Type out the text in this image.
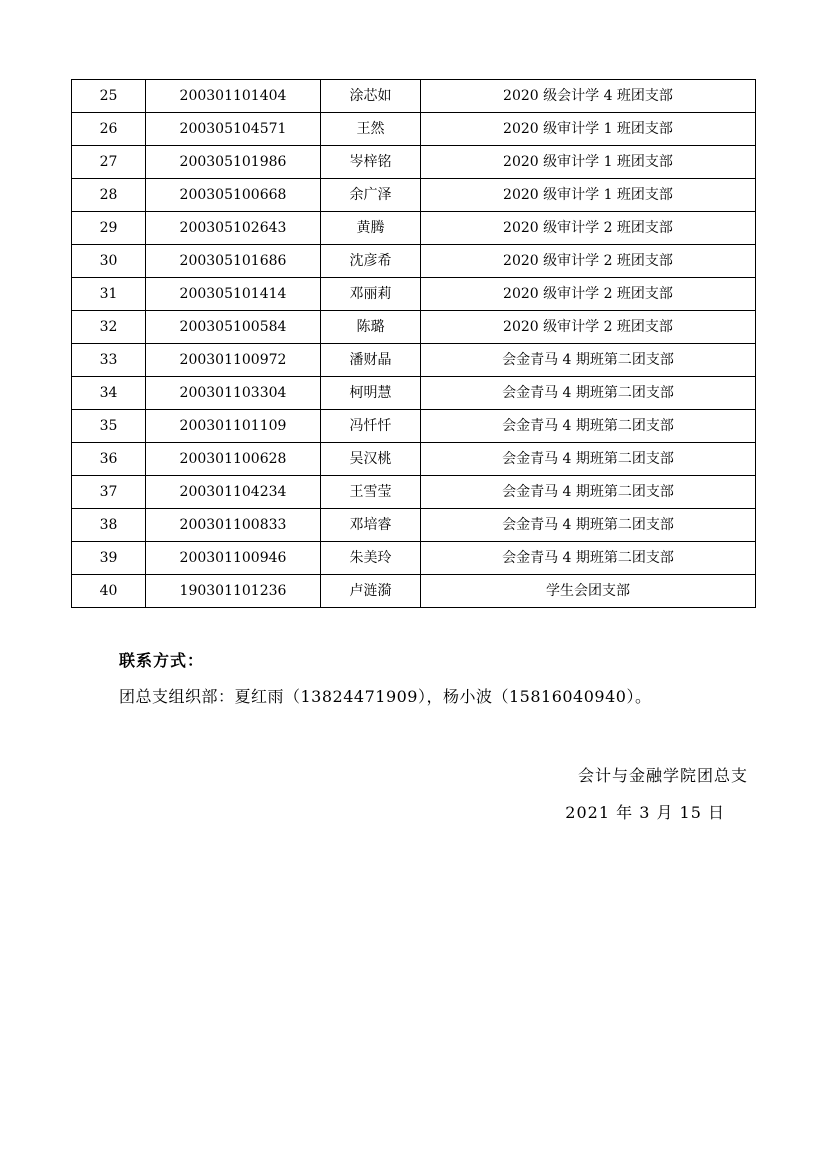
25	200301101404	涂芯如	2020 级会计学 4 班团支部
26	200305104571	王然	2020 级审计学 1 班团支部
27	200305101986	岑梓铭	2020 级审计学 1 班团支部
28	200305100668	余广泽	2020 级审计学 1 班团支部
29	200305102643	黄腾	2020 级审计学 2 班团支部
30	200305101686	沈彦希	2020 级审计学 2 班团支部
31	200305101414	邓丽莉	2020 级审计学 2 班团支部
32	200305100584	陈璐	2020 级审计学 2 班团支部
33	200301100972	潘财晶	会金青马 4 期班第二团支部
34	200301103304	柯明慧	会金青马 4 期班第二团支部
35	200301101109	冯忏忏	会金青马 4 期班第二团支部
36	200301100628	吴汉桃	会金青马 4 期班第二团支部
37	200301104234	王雪莹	会金青马 4 期班第二团支部
38	200301100833	邓培睿	会金青马 4 期班第二团支部
39	200301100946	朱美玲	会金青马 4 期班第二团支部
40	190301101236	卢涟漪	学生会团支部

联系方式：

团总支组织部：夏红雨（13824471909），杨小波（15816040940）。

会计与金融学院团总支

2021 年 3 月 15 日
